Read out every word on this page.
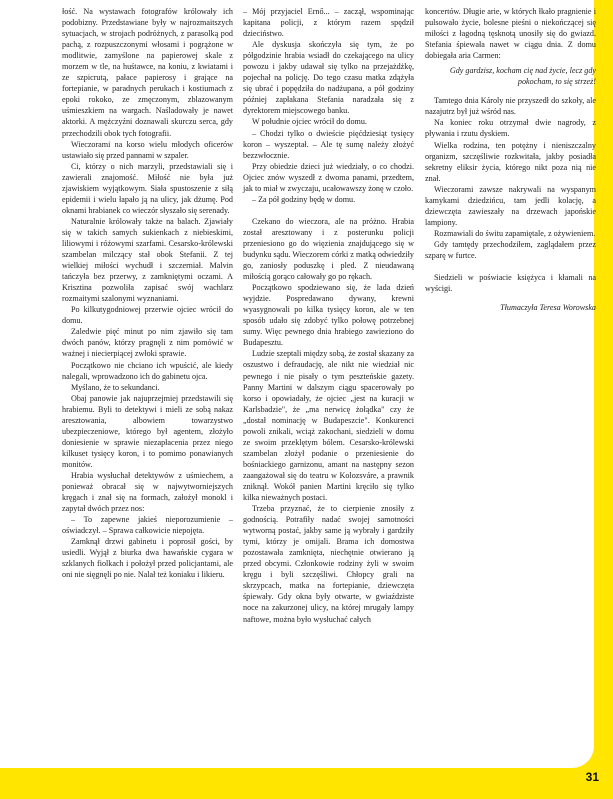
łość. Na wystawach fotografów królowały ich podobizny. Przedstawiane były w najrozmaitszych sytuacjach, w strojach podróżnych, z parasolką pod pachą, z rozpuszczonymi włosami i pogrążone w modlitwie, zamyślone na papierowej skale z morzem w tle, na huśtawce, na koniu, z kwiatami i ze szpicrutą, pałace papierosy i grające na fortepianie, w paradnych perukach i kostiumach z epoki rokoko, ze zmęczonym, zblazowanym uśmieszkiem na wargach. Naśladowały je nawet aktorki. A mężczyźni doznawali skurczu serca, gdy przechodzili obok tych fotografii.

Wieczorami na korso wielu młodych oficerów ustawiało się przed pannami w szpaler.

Ci, którzy o nich marzyli, przedstawiali się i zawierali znajomość. Miłość nie była już zjawiskiem wyjątkowym. Siała spustoszenie z siłą epidemii i wielu łapało ją na ulicy, jak dżumę. Pod oknami hrabianek co wieczór słyszało się serenady.

Naturalnie królowały także na balach. Zjawiały się w takich samych sukienkach z niebieskimi, liliowymi i różowymi szarfami. Cesarsko-królewski szambelan milczący stał obok Stefanii. Z tej wielkiej miłości wychudł i szczerniał. Malvin tańczyła bez przerwy, z zamkniętymi oczami. A Krisztina pozwoliła zapisać swój wachlarz rozmaitymi szalonymi wyznaniami.

Po kilkutygodniowej przerwie ojciec wrócił do domu.

Zaledwie pięć minut po nim zjawiło się tam dwóch panów, którzy pragnęli z nim pomówić w ważnej i niecierpiącej zwłoki sprawie.

Początkowo nie chciano ich wpuścić, ale kiedy nalegali, wprowadzono ich do gabinetu ojca.

Myślano, że to sekundanci.

Obaj panowie jak najuprzejmiej przedstawili się hrabiemu. Byli to detektywi i mieli ze sobą nakaz aresztowania, albowiem towarzystwo ubezpieczeniowe, którego był agentem, złożyło doniesienie w sprawie niezapłacenia przez niego kilkuset tysięcy koron, i to pomimo ponawianych monitów.

Hrabia wysłuchał detektywów z uśmiechem, a ponieważ obracał się w najwytworniejszych kręgach i znał się na formach, założył monokl i zapytał dwóch przez nos:

– To zapewne jakieś nieporozumienie – oświadczył. – Sprawa całkowicie niepojęta.

Zamknął drzwi gabinetu i poprosił gości, by usiedli. Wyjął z biurka dwa hawańskie cygara w szklanych fiolkach i położył przed policjantami, ale oni nie sięgnęli po nie. Nalał też koniaku i likieru.

– Mój przyjaciel Ernő... – zaczął, wspominając kapitana policji, z którym razem spędził dzieciństwo.

Ale dyskusja skończyła się tym, że po półgodzinie hrabia wsiadł do czekającego na ulicy powozu i jakby udawał się tylko na przejażdżkę, pojechał na policję. Do tego czasu matka zdążyła się ubrać i popędziła do nadżupana, a pół godziny później zapłakana Stefania naradzała się z dyrektorem miejscowego banku.

W południe ojciec wrócił do domu.

– Chodzi tylko o dwieście pięćdziesiąt tysięcy koron – wyszeptał. – Ale tę sumę należy złożyć bezzwłocznie.

Przy obiedzie dzieci już wiedziały, o co chodzi. Ojciec znów wyszedł z dwoma panami, przedtem, jak to miał w zwyczaju, ucałowawszy żonę w czoło.

– Za pół godziny będę w domu.

Czekano do wieczora, ale na próżno. Hrabia został aresztowany i z posterunku policji przeniesiono go do więzienia znajdującego się w budynku sądu. Wieczorem córki z matką odwiedziły go, zaniosły poduszkę i pled. Z nieudawaną miłością gorąco całowały go po rękach.

Początkowo spodziewano się, że lada dzień wyjdzie. Pospredawano dywany, krewni wyasygnowali po kilka tysięcy koron, ale w ten sposób udało się zdobyć tylko połowę potrzebnej sumy. Więc pewnego dnia hrabiego zawieziono do Budapesztu.

Ludzie szeptali między sobą, że został skazany za oszustwo i defraudację, ale nikt nie wiedział nic pewnego i nie pisały o tym peszteńskie gazety. Panny Martini w dalszym ciągu spacerowały po korso i opowiadały, że ojciec „jest na kuracji w Karlsbadzie", że „ma nerwicę żołądka" czy że „dostał nominację w Budapeszcie". Konkurenci powoli znikali, wciąż zakochani, siedzieli w domu ze swoim przeklętym bólem. Cesarsko-królewski szambelan złożył podanie o przeniesienie do bośniackiego garnizonu, amant na następny sezon zaangażował się do teatru w Kolozsváre, a prawnik zniknął. Wokół panien Martini kręciło się tylko kilka nieważnych postaci.

Trzeba przyznać, że to cierpienie znosiły z godnością. Potrafiły nadać swojej samotności wytworną postać, jakby same ją wybrały i gardziły tymi, którzy je omijali. Brama ich domostwa pozostawała zamknięta, niechętnie otwierano ją przed obcymi. Członkowie rodziny żyli w swoim kręgu i byli szczęśliwi. Chłopcy grali na skrzypcach, matka na fortepianie, dziewczęta śpiewały. Gdy okna były otwarte, w gwiaździste noce na zakurzonej ulicy, na której mrugały lampy naftowe, można było wysłuchać całych

koncertów. Długie arie, w których łkało pragnienie i pulsowało życie, bolesne pieśni o niekończącej się miłości z łagodną tęsknotą unosiły się do gwiazd. Stefania śpiewała nawet w ciągu dnia. Z domu dobiegała aria Carmen:

Gdy gardzisz, kocham cię nad życie, lecz gdy pokocham, to się strzeż!

Tamtego dnia Károly nie przyszedł do szkoły, ale nazajutrz był już wśród nas.

Na koniec roku otrzymał dwie nagrody, z pływania i rzutu dyskiem.

Wielka rodzina, ten potężny i nieniszczalny organizm, szczęśliwie rozkwitała, jakby posiadła sekretny eliksir życia, którego nikt poza nią nie znał.

Wieczorami zawsze nakrywali na wyspanym kamykami dziedzińcu, tam jedli kolację, a dziewczęta zawieszały na drzewach japońskie lampiony.

Rozmawiali do świtu zapamiętale, z ożywieniem.

Gdy tamtędy przechodziłem, zaglądałem przez szparę w furtce.

Siedzieli w poświacie księżyca i kłamali na wyścigi.

Tłumaczyła Teresa Worowska

31
